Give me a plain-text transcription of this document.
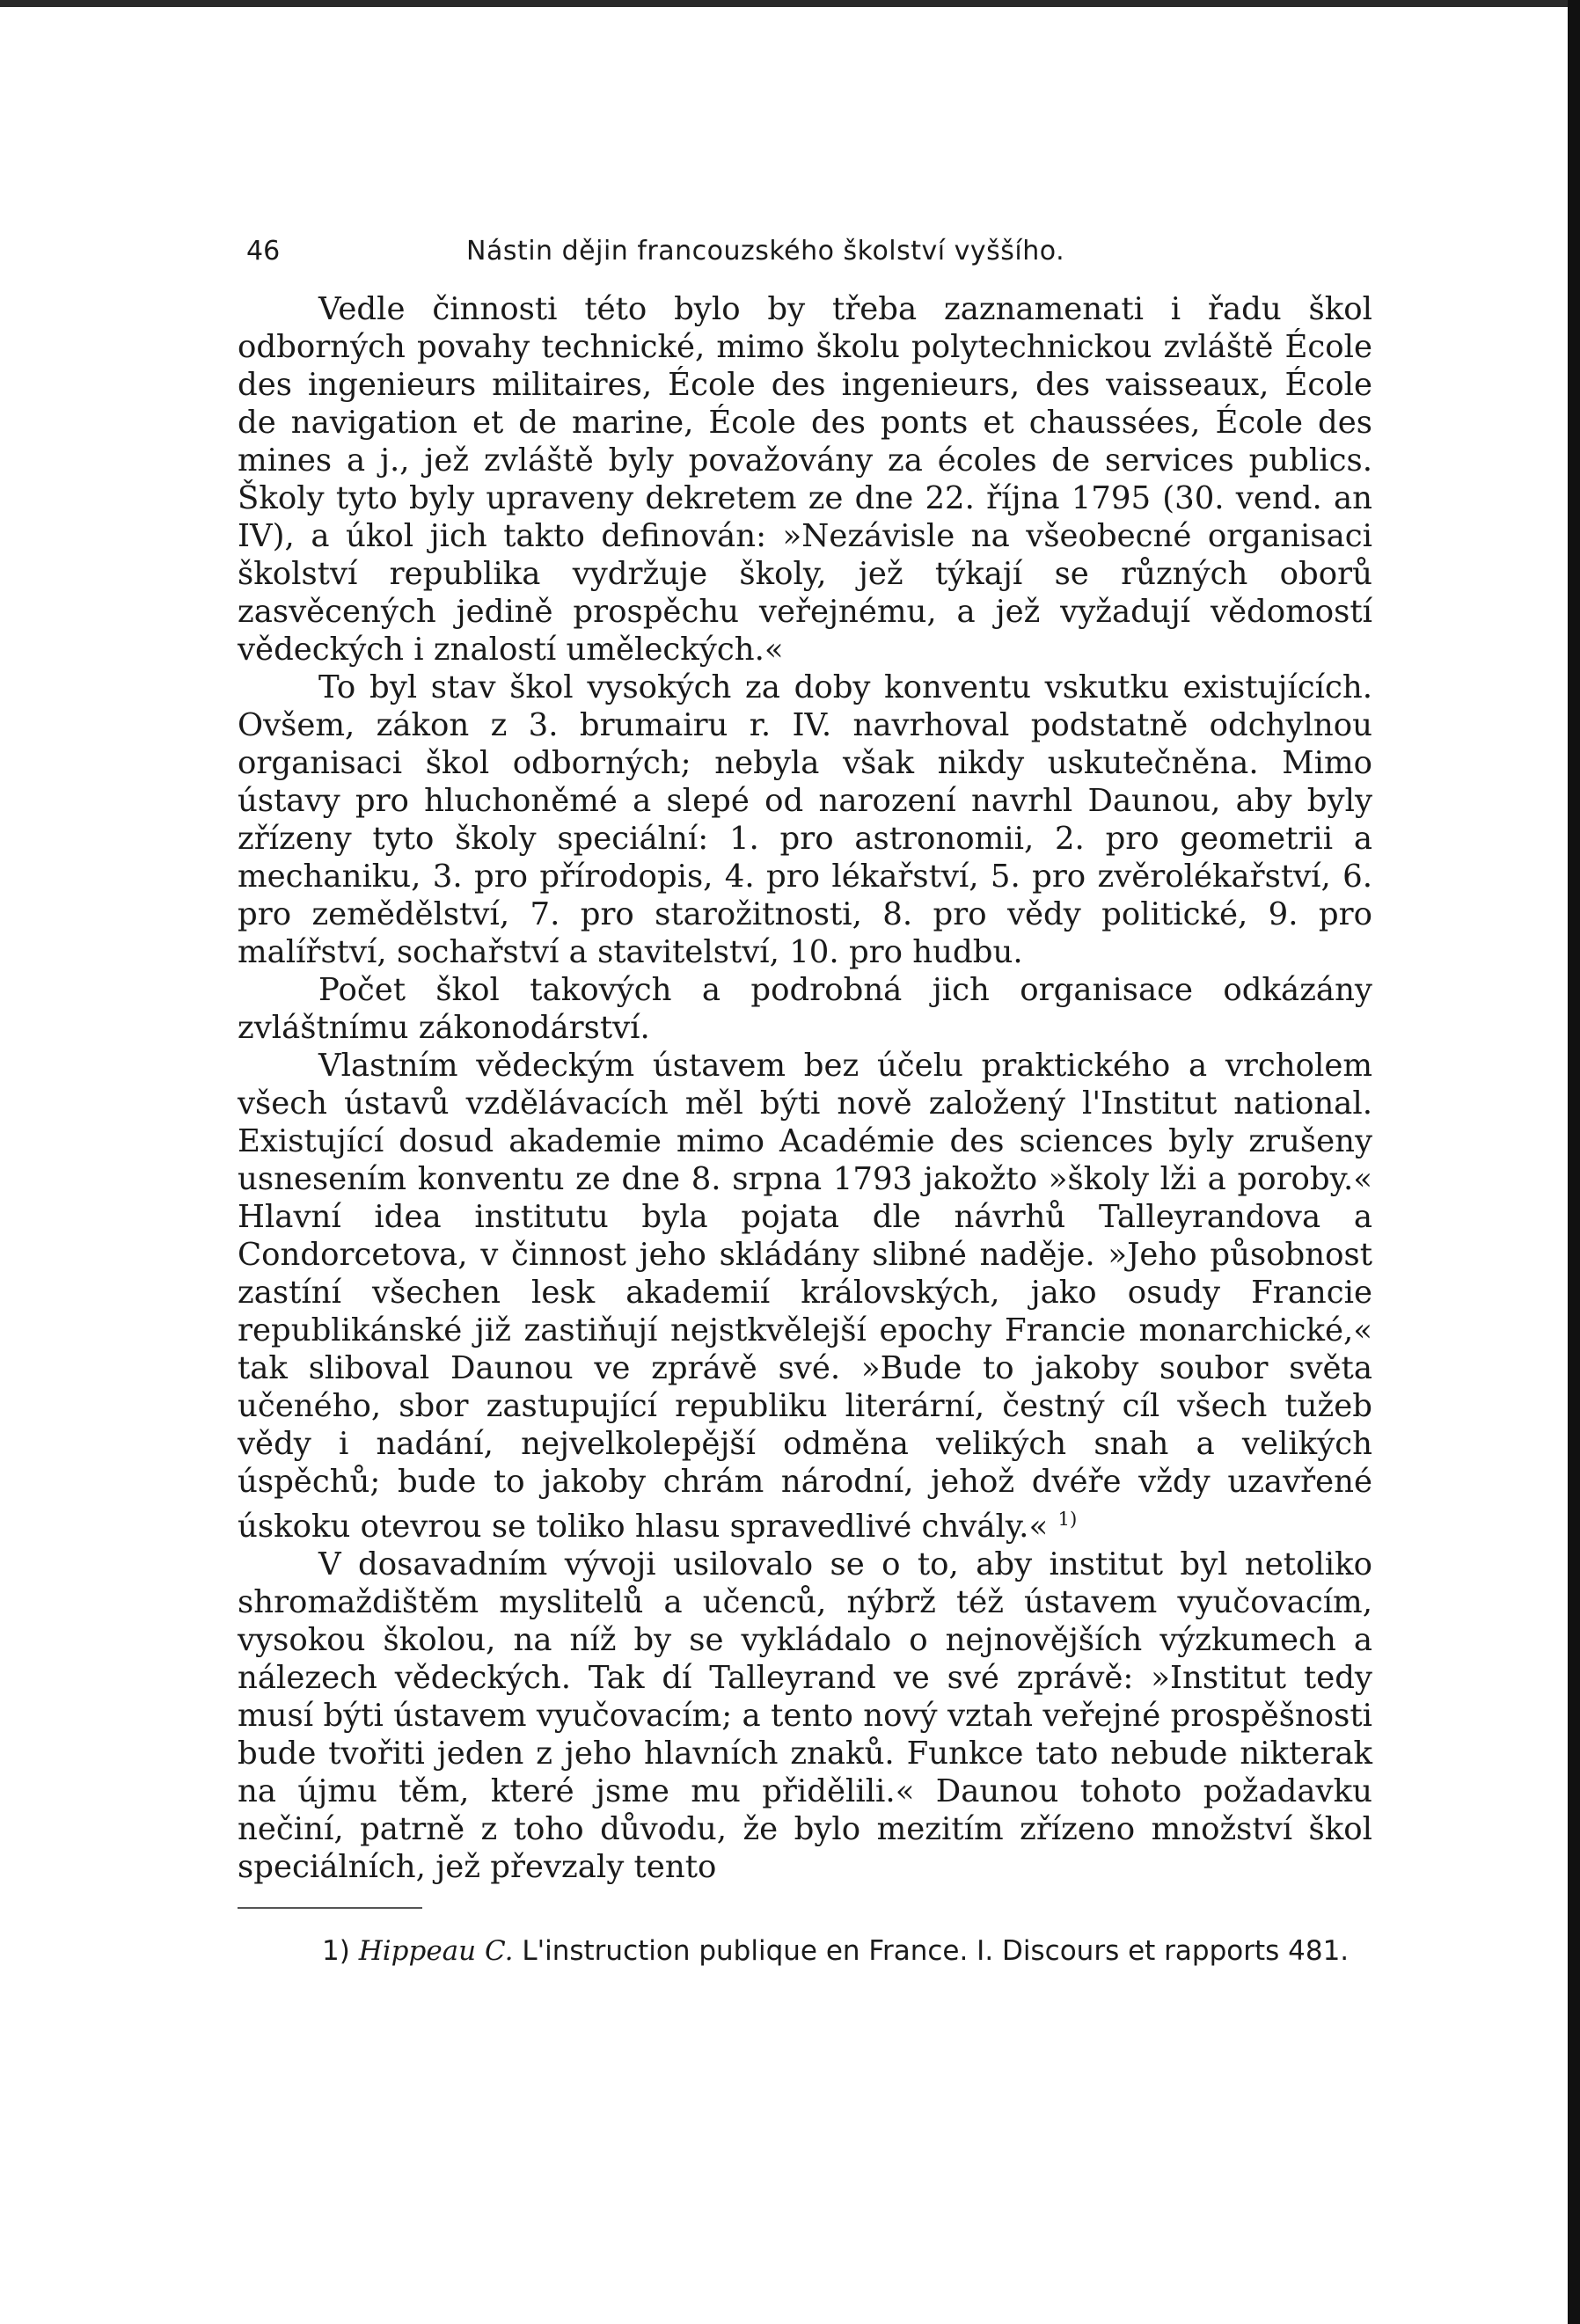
46	Nástin dějin francouzského školství vyššího.

Vedle činnosti této bylo by třeba zaznamenati i řadu škol odborných povahy technické, mimo školu polytechnickou zvláště École des ingenieurs militaires, École des ingenieurs, des vaisseaux, École de navigation et de marine, École des ponts et chaussées, École des mines a j., jež zvláště byly považovány za écoles de services publics. Školy tyto byly upraveny dekretem ze dne 22. října 1795 (30. vend. an IV), a úkol jich takto definován: »Nezávisle na všeobecné organisaci školství republika vydržuje školy, jež týkají se různých oborů zasvěcených jedině prospěchu veřejnému, a jež vyžadují vědomostí vědeckých i znalostí uměleckých.«

To byl stav škol vysokých za doby konventu vskutku existujících. Ovšem, zákon z 3. brumairu r. IV. navrhoval podstatně odchylnou organisaci škol odborných; nebyla však nikdy uskutečněna. Mimo ústavy pro hluchoněmé a slepé od narození navrhl Daunou, aby byly zřízeny tyto školy speciální: 1. pro astronomii, 2. pro geometrii a mechaniku, 3. pro přírodopis, 4. pro lékařství, 5. pro zvěrolékařství, 6. pro zemědělství, 7. pro starožitnosti, 8. pro vědy politické, 9. pro malířství, sochařství a stavitelství, 10. pro hudbu.

Počet škol takových a podrobná jich organisace odkázány zvláštnímu zákonodárství.

Vlastním vědeckým ústavem bez účelu praktického a vrcholem všech ústavů vzdělávacích měl býti nově založený l'Institut national. Existující dosud akademie mimo Académie des sciences byly zrušeny usnesením konventu ze dne 8. srpna 1793 jakožto »školy lži a poroby.« Hlavní idea institutu byla pojata dle návrhů Talleyrandova a Condorcetova, v činnost jeho skládány slibné naděje. »Jeho působnost zastíní všechen lesk akademií královských, jako osudy Francie republikánské již zastiňují nejstkvělejší epochy Francie monarchické,« tak sliboval Daunou ve zprávě své. »Bude to jakoby soubor světa učeného, sbor zastupující republiku literární, čestný cíl všech tužeb vědy i nadání, nejvelkolepější odměna velikých snah a velikých úspěchů; bude to jakoby chrám národní, jehož dvéře vždy uzavřené úskoku otevrou se toliko hlasu spravedlivé chvály.« $^{1)}$

V dosavadním vývoji usilovalo se o to, aby institut byl netoliko shromaždištěm myslitelů a učenců, nýbrž též ústavem vyučovacím, vysokou školou, na níž by se vykládalo o nejnovějších výzkumech a nálezech vědeckých. Tak dí Talleyrand ve své zprávě: »Institut tedy musí býti ústavem vyučovacím; a tento nový vztah veřejné prospěšnosti bude tvořiti jeden z jeho hlavních znaků. Funkce tato nebude nikterak na újmu těm, které jsme mu přidělili.« Daunou tohoto požadavku nečiní, patrně z toho důvodu, že bylo mezitím zřízeno množství škol speciálních, jež převzaly tento

1) Hippeau C. L'instruction publique en France. I. Discours et rapports 481.
